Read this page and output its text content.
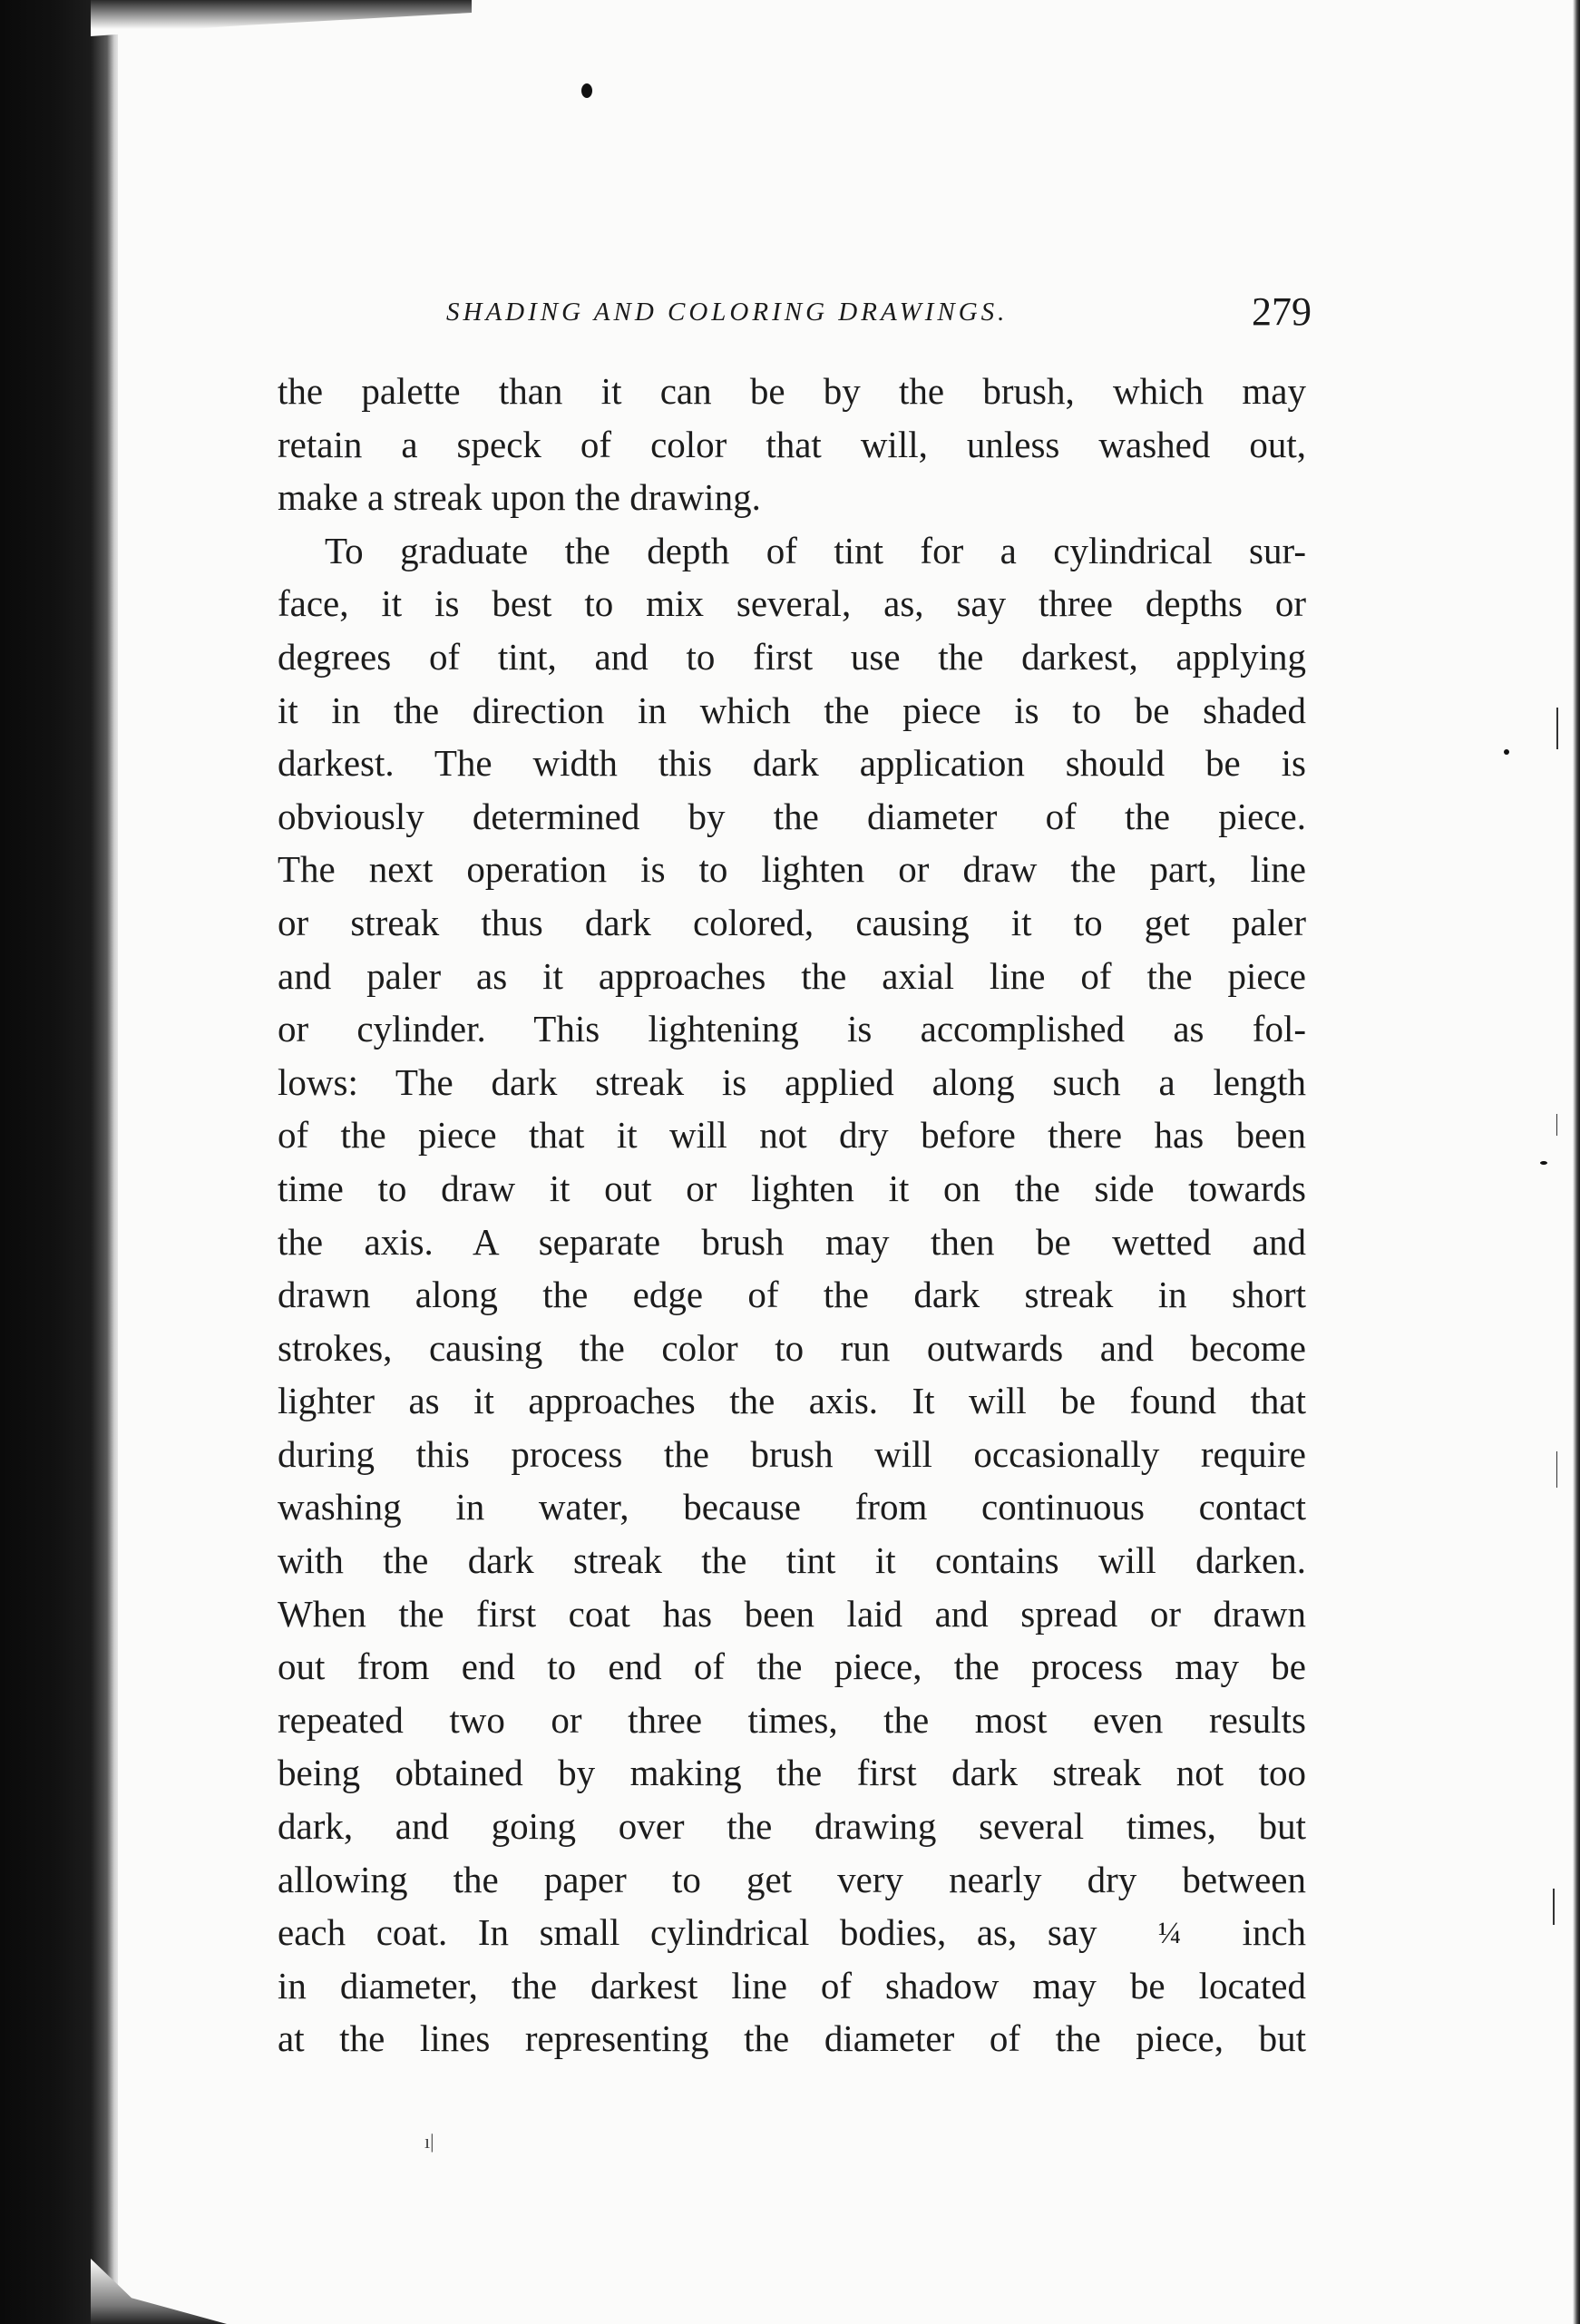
SHADING AND COLORING DRAWINGS.	279
the palette than it can be by the brush, which may
retain a speck of color that will, unless washed out,
make a streak upon the drawing.
To graduate the depth of tint for a cylindrical sur-
face, it is best to mix several, as, say three depths or
degrees of tint, and to first use the darkest, applying
it in the direction in which the piece is to be shaded
darkest. The width this dark application should be is
obviously determined by the diameter of the piece.
The next operation is to lighten or draw the part, line
or streak thus dark colored, causing it to get paler
and paler as it approaches the axial line of the piece
or cylinder. This lightening is accomplished as fol-
lows: The dark streak is applied along such a length
of the piece that it will not dry before there has been
time to draw it out or lighten it on the side towards
the axis. A separate brush may then be wetted and
drawn along the edge of the dark streak in short
strokes, causing the color to run outwards and become
lighter as it approaches the axis. It will be found that
during this process the brush will occasionally require
washing in water, because from continuous contact
with the dark streak the tint it contains will darken.
When the first coat has been laid and spread or drawn
out from end to end of the piece, the process may be
repeated two or three times, the most even results
being obtained by making the first dark streak not too
dark, and going over the drawing several times, but
allowing the paper to get very nearly dry between
each coat. In small cylindrical bodies, as, say ¼ inch
in diameter, the darkest line of shadow may be located
at the lines representing the diameter of the piece, but
ı|
